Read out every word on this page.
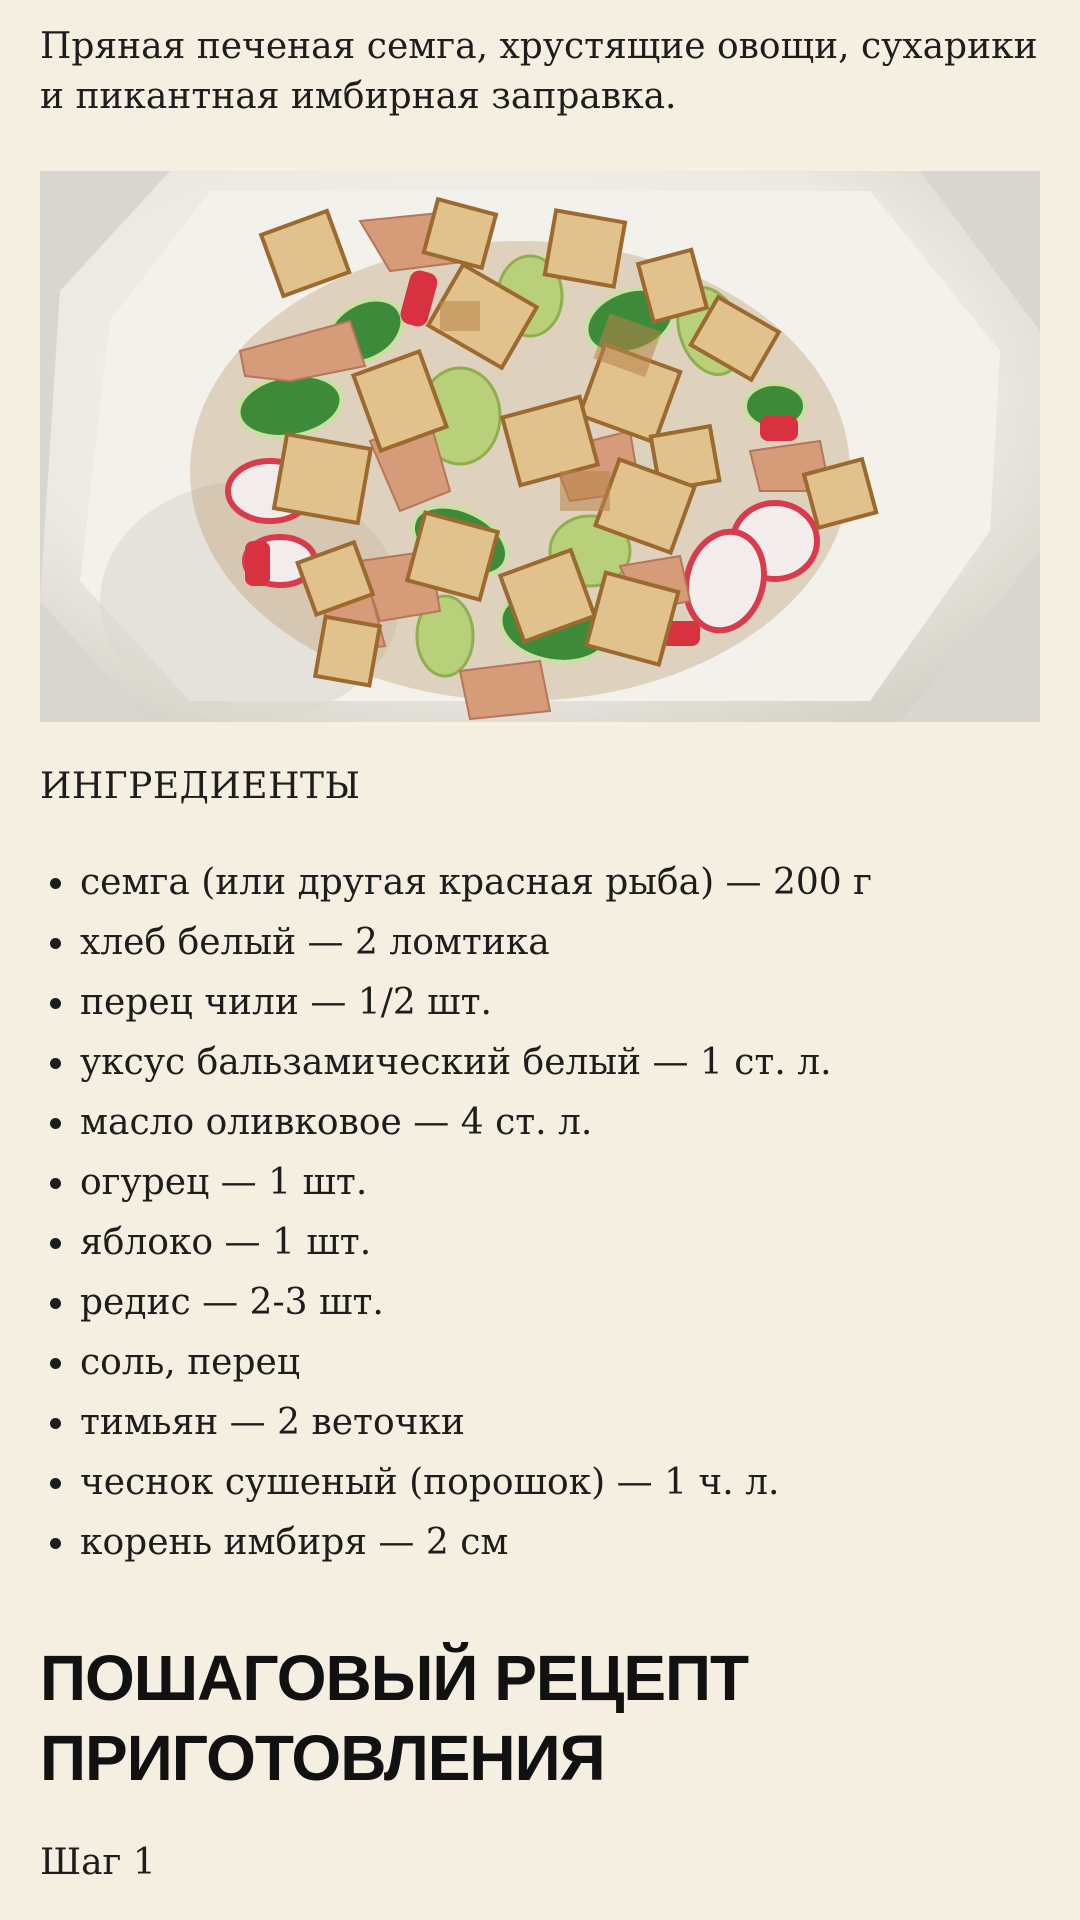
Пряная печеная семга, хрустящие овощи, сухарики и пикантная имбирная заправка.

ИНГРЕДИЕНТЫ
семга (или другая красная рыба) — 200 г
хлеб белый — 2 ломтика
перец чили — 1/2 шт.
уксус бальзамический белый — 1 ст. л.
масло оливковое — 4 ст. л.
огурец — 1 шт.
яблоко — 1 шт.
редис — 2-3 шт.
соль, перец
тимьян — 2 веточки
чеснок сушеный (порошок) — 1 ч. л.
корень имбиря — 2 см
ПОШАГОВЫЙ РЕЦЕПТ ПРИГОТОВЛЕНИЯ

Шаг 1
